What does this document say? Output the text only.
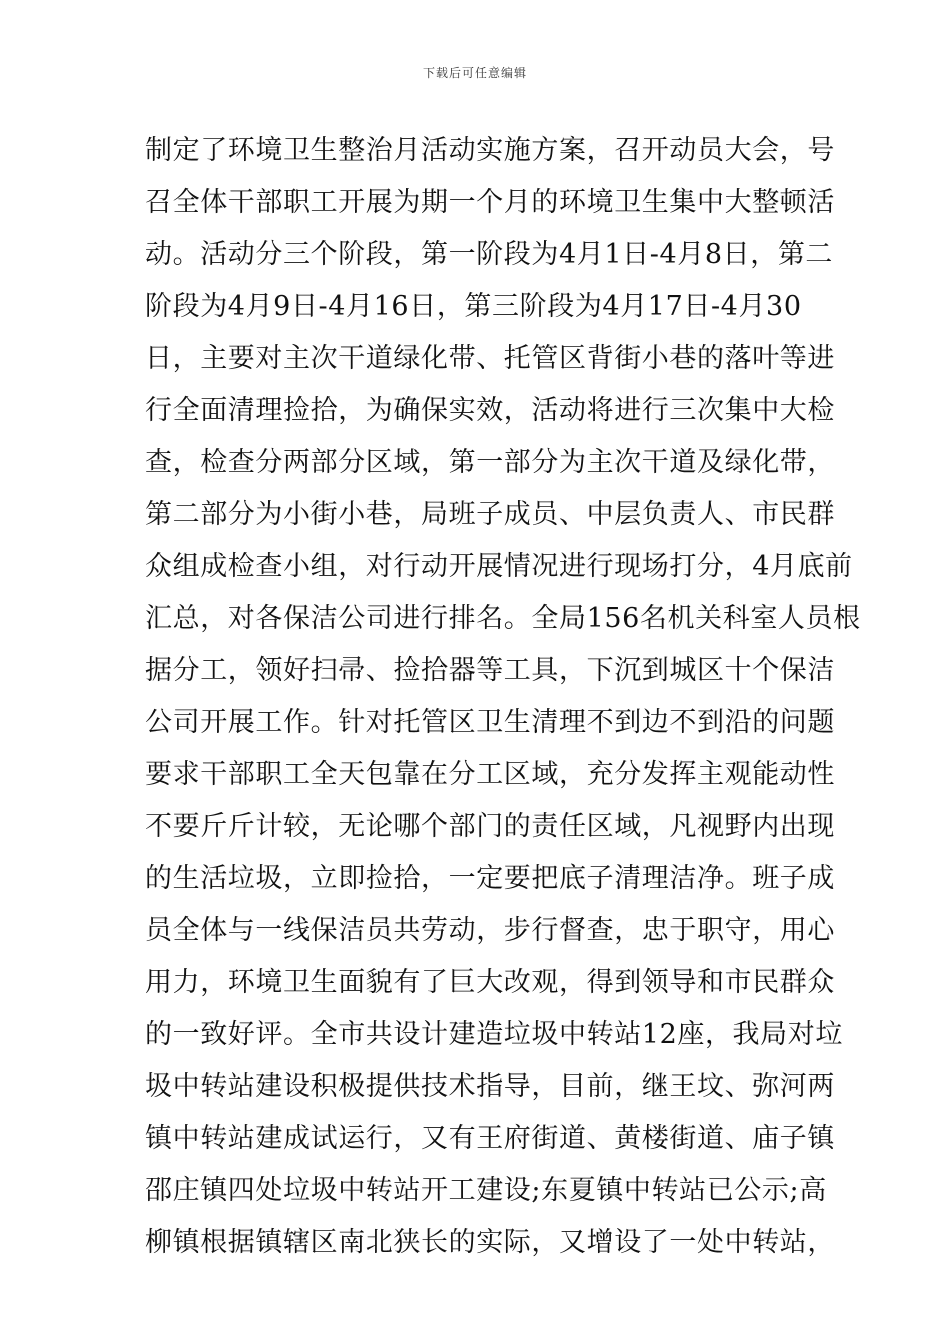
下载后可任意编辑
制定了环境卫生整治月活动实施方案，召开动员大会，号
召全体干部职工开展为期一个月的环境卫生集中大整顿活
动。活动分三个阶段，第一阶段为4月1日-4月8日，第二
阶段为4月9日-4月16日，第三阶段为4月17日-4月30
日，主要对主次干道绿化带、托管区背街小巷的落叶等进
行全面清理捡拾，为确保实效，活动将进行三次集中大检
查，检查分两部分区域，第一部分为主次干道及绿化带，
第二部分为小街小巷，局班子成员、中层负责人、市民群
众组成检查小组，对行动开展情况进行现场打分，4月底前
汇总，对各保洁公司进行排名。全局156名机关科室人员根
据分工，领好扫帚、捡拾器等工具，下沉到城区十个保洁
公司开展工作。针对托管区卫生清理不到边不到沿的问题
要求干部职工全天包靠在分工区域，充分发挥主观能动性
不要斤斤计较，无论哪个部门的责任区域，凡视野内出现
的生活垃圾，立即捡拾，一定要把底子清理洁净。班子成
员全体与一线保洁员共劳动，步行督查，忠于职守，用心
用力，环境卫生面貌有了巨大改观，得到领导和市民群众
的一致好评。全市共设计建造垃圾中转站12座，我局对垃
圾中转站建设积极提供技术指导，目前，继王坟、弥河两
镇中转站建成试运行，又有王府街道、黄楼街道、庙子镇
邵庄镇四处垃圾中转站开工建设;东夏镇中转站已公示;高
柳镇根据镇辖区南北狭长的实际，又增设了一处中转站，
